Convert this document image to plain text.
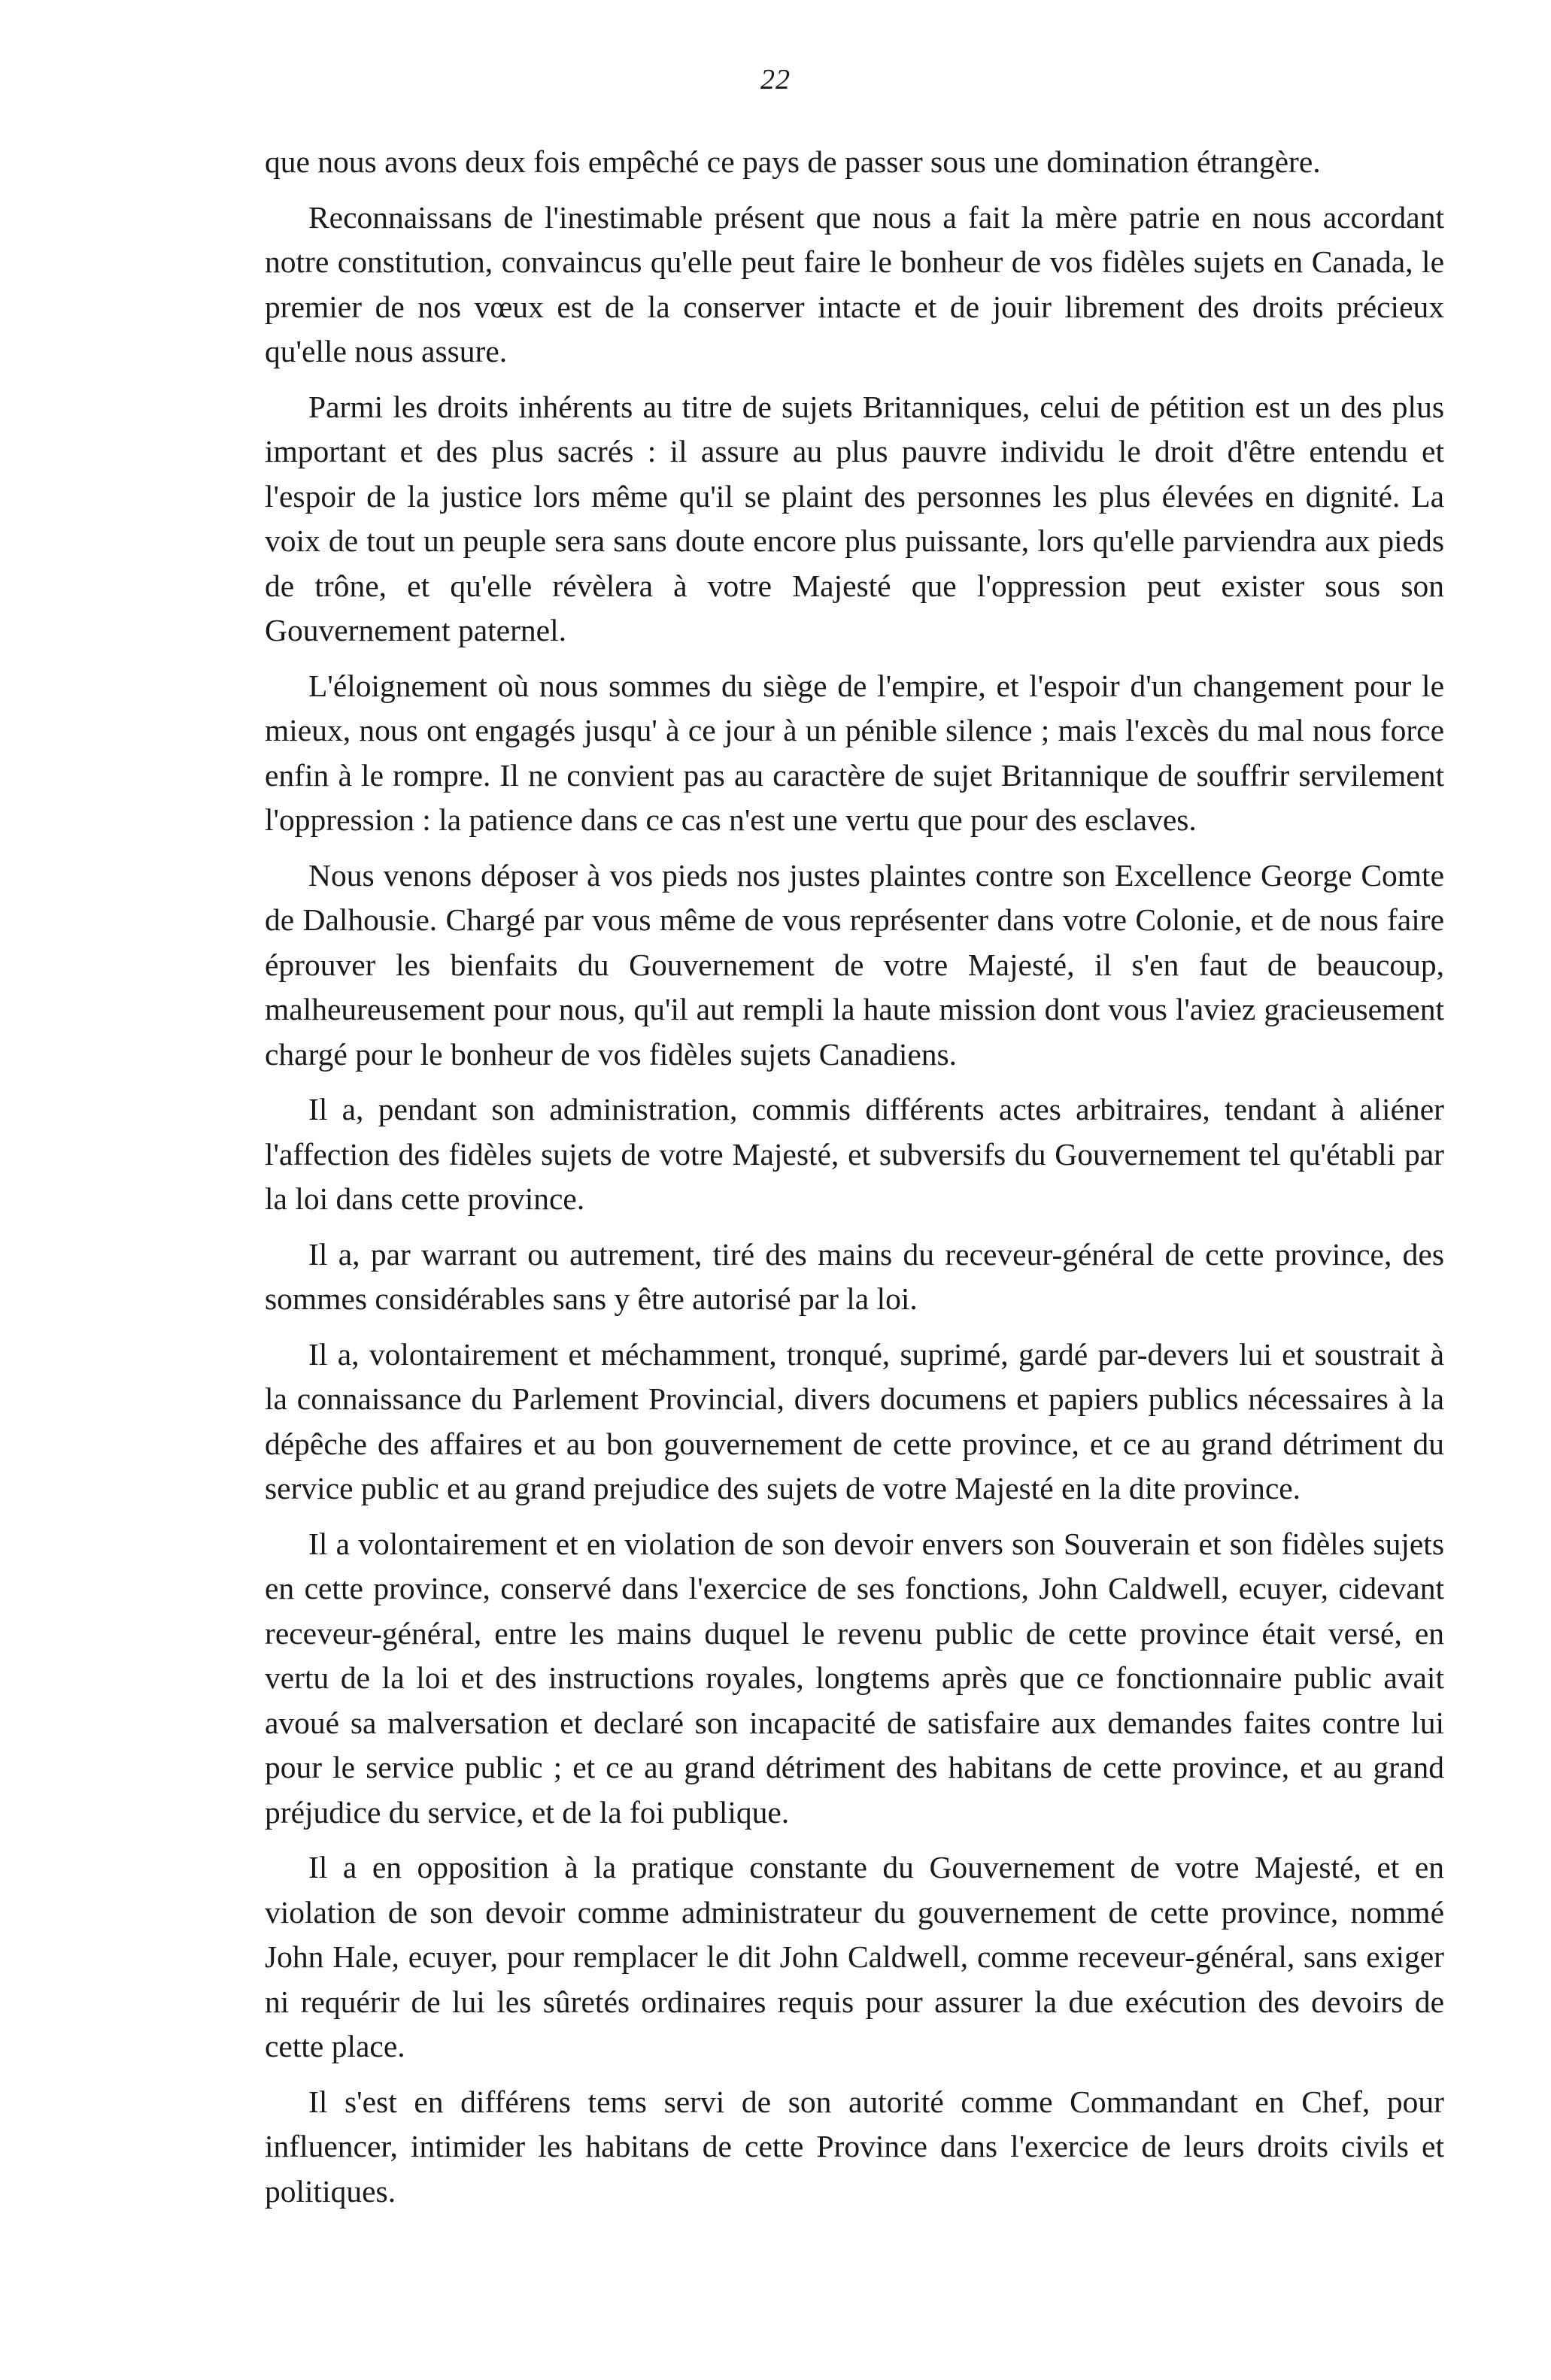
22

que nous avons deux fois empêché ce pays de passer sous une domination étrangère.

Reconnaissans de l'inestimable présent que nous a fait la mère patrie en nous accordant notre constitution, convaincus qu'elle peut faire le bonheur de vos fidèles sujets en Canada, le premier de nos vœux est de la conserver intacte et de jouir librement des droits précieux qu'elle nous assure.

Parmi les droits inhérents au titre de sujets Britanniques, celui de pétition est un des plus important et des plus sacrés : il assure au plus pauvre individu le droit d'être entendu et l'espoir de la justice lors même qu'il se plaint des personnes les plus élevées en dignité. La voix de tout un peuple sera sans doute encore plus puissante, lors qu'elle parviendra aux pieds de trône, et qu'elle révèlera à votre Majesté que l'oppression peut exister sous son Gouvernement paternel.

L'éloignement où nous sommes du siège de l'empire, et l'espoir d'un changement pour le mieux, nous ont engagés jusqu' à ce jour à un pénible silence ; mais l'excès du mal nous force enfin à le rompre. Il ne convient pas au caractère de sujet Britannique de souffrir servilement l'oppression : la patience dans ce cas n'est une vertu que pour des esclaves.

Nous venons déposer à vos pieds nos justes plaintes contre son Excellence George Comte de Dalhousie. Chargé par vous même de vous représenter dans votre Colonie, et de nous faire éprouver les bienfaits du Gouvernement de votre Majesté, il s'en faut de beaucoup, malheureusement pour nous, qu'il aut rempli la haute mission dont vous l'aviez gracieusement chargé pour le bonheur de vos fidèles sujets Canadiens.

Il a, pendant son administration, commis différents actes arbitraires, tendant à aliéner l'affection des fidèles sujets de votre Majesté, et subversifs du Gouvernement tel qu'établi par la loi dans cette province.

Il a, par warrant ou autrement, tiré des mains du receveur-général de cette province, des sommes considérables sans y être autorisé par la loi.

Il a, volontairement et méchamment, tronqué, suprimé, gardé par-devers lui et soustrait à la connaissance du Parlement Provincial, divers documens et papiers publics nécessaires à la dépêche des affaires et au bon gouvernement de cette province, et ce au grand détriment du service public et au grand prejudice des sujets de votre Majesté en la dite province.

Il a volontairement et en violation de son devoir envers son Souverain et son fidèles sujets en cette province, conservé dans l'exercice de ses fonctions, John Caldwell, ecuyer, cidevant receveur-général, entre les mains duquel le revenu public de cette province était versé, en vertu de la loi et des instructions royales, longtems après que ce fonctionnaire public avait avoué sa malversation et declaré son incapacité de satisfaire aux demandes faites contre lui pour le service public ; et ce au grand détriment des habitans de cette province, et au grand préjudice du service, et de la foi publique.

Il a en opposition à la pratique constante du Gouvernement de votre Majesté, et en violation de son devoir comme administrateur du gouvernement de cette province, nommé John Hale, ecuyer, pour remplacer le dit John Caldwell, comme receveur-général, sans exiger ni requérir de lui les sûretés ordinaires requis pour assurer la due exécution des devoirs de cette place.

Il s'est en différens tems servi de son autorité comme Commandant en Chef, pour influencer, intimider les habitans de cette Province dans l'exercice de leurs droits civils et politiques.
